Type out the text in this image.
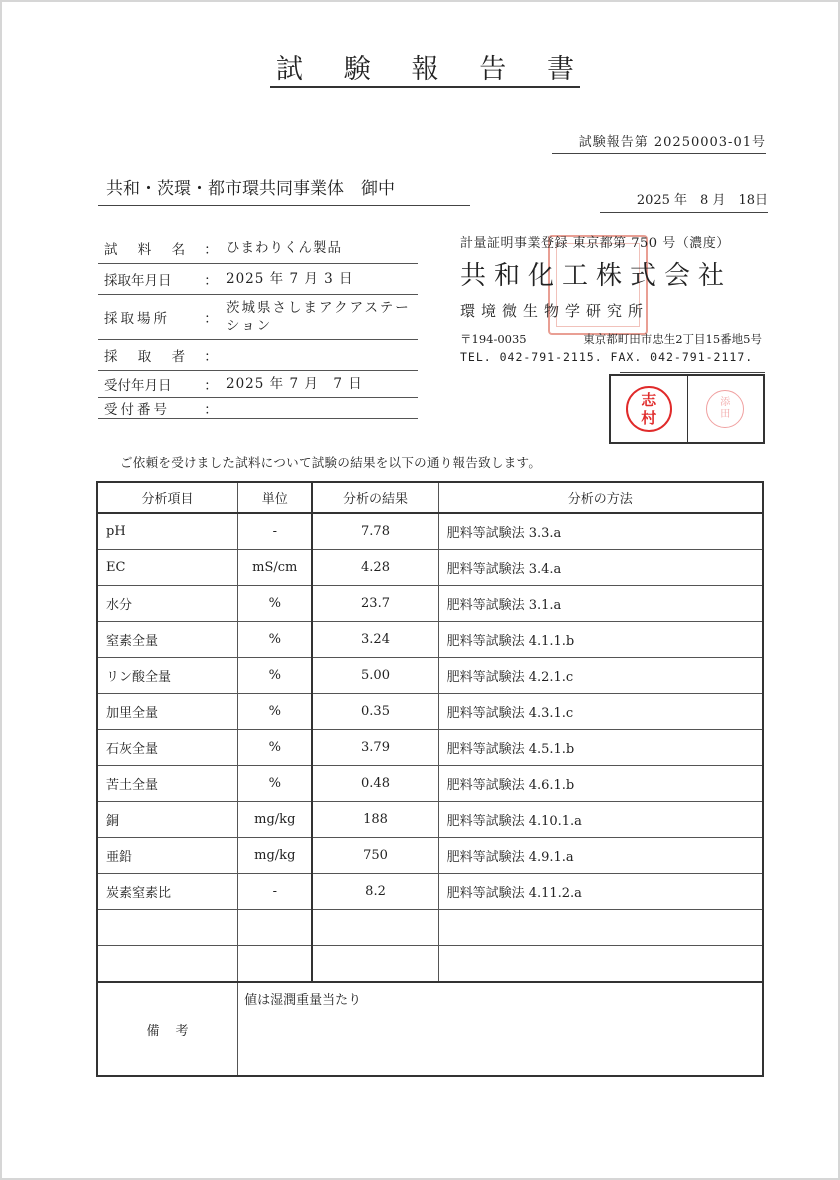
試 験 報 告 書
試験報告第 20250003-01号
共和・茨環・都市環共同事業体　御中
2025 年　8 月　18日
試 料 名 ： ひまわりくん製品
採取年月日	： 2025 年 7 月 3 日
採取場所	：
茨城県さしまアクアステーション
採 取 者 ：
受付年月日	： 2025 年 7 月　7 日
受付番号	：
計量証明事業登録 東京都第 750 号（濃度）
共和化工株式会社
環境微生物学研究所
〒194-0035	東京都町田市忠生2丁目15番地5号
TEL. 042-791-2115. FAX. 042-791-2117.
志
村
添
田
ご依頼を受けました試料について試験の結果を以下の通り報告致します。
分析項目	単位	分析の結果	分析の方法
pH	-	7.78	肥料等試験法 3.3.a
EC	mS/cm	4.28	肥料等試験法 3.4.a
水分	%	23.7	肥料等試験法 3.1.a
窒素全量	%	3.24	肥料等試験法 4.1.1.b
リン酸全量	%	5.00	肥料等試験法 4.2.1.c
加里全量	%	0.35	肥料等試験法 4.3.1.c
石灰全量	%	3.79	肥料等試験法 4.5.1.b
苦土全量	%	0.48	肥料等試験法 4.6.1.b
銅	mg/kg	188	肥料等試験法 4.10.1.a
亜鉛	mg/kg	750	肥料等試験法 4.9.1.a
炭素窒素比	-	8.2	肥料等試験法 4.11.2.a

備考	値は湿潤重量当たり		
